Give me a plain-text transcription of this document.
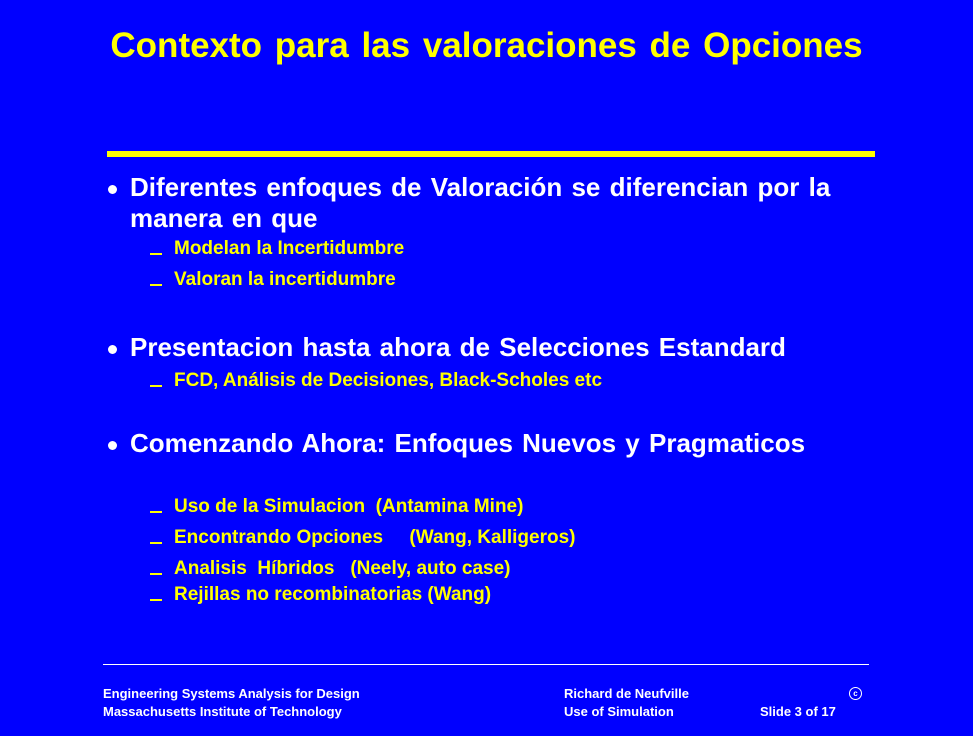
Contexto para las valoraciones de Opciones
Diferentes enfoques de Valoración se diferencian por la manera en que
Modelan la Incertidumbre
Valoran la incertidumbre
Presentacion hasta ahora de Selecciones Estandard
FCD, Análisis de Decisiones, Black-Scholes etc
Comenzando Ahora: Enfoques Nuevos y Pragmaticos
Uso de la Simulacion  (Antamina Mine)
Encontrando Opciones     (Wang, Kalligeros)
Analisis  Híbridos   (Neely, auto case)
Rejillas no recombinatorias (Wang)
Engineering Systems Analysis for Design
Massachusetts Institute of Technology
Richard de Neufville
Use of Simulation
c
Slide 3 of 17
